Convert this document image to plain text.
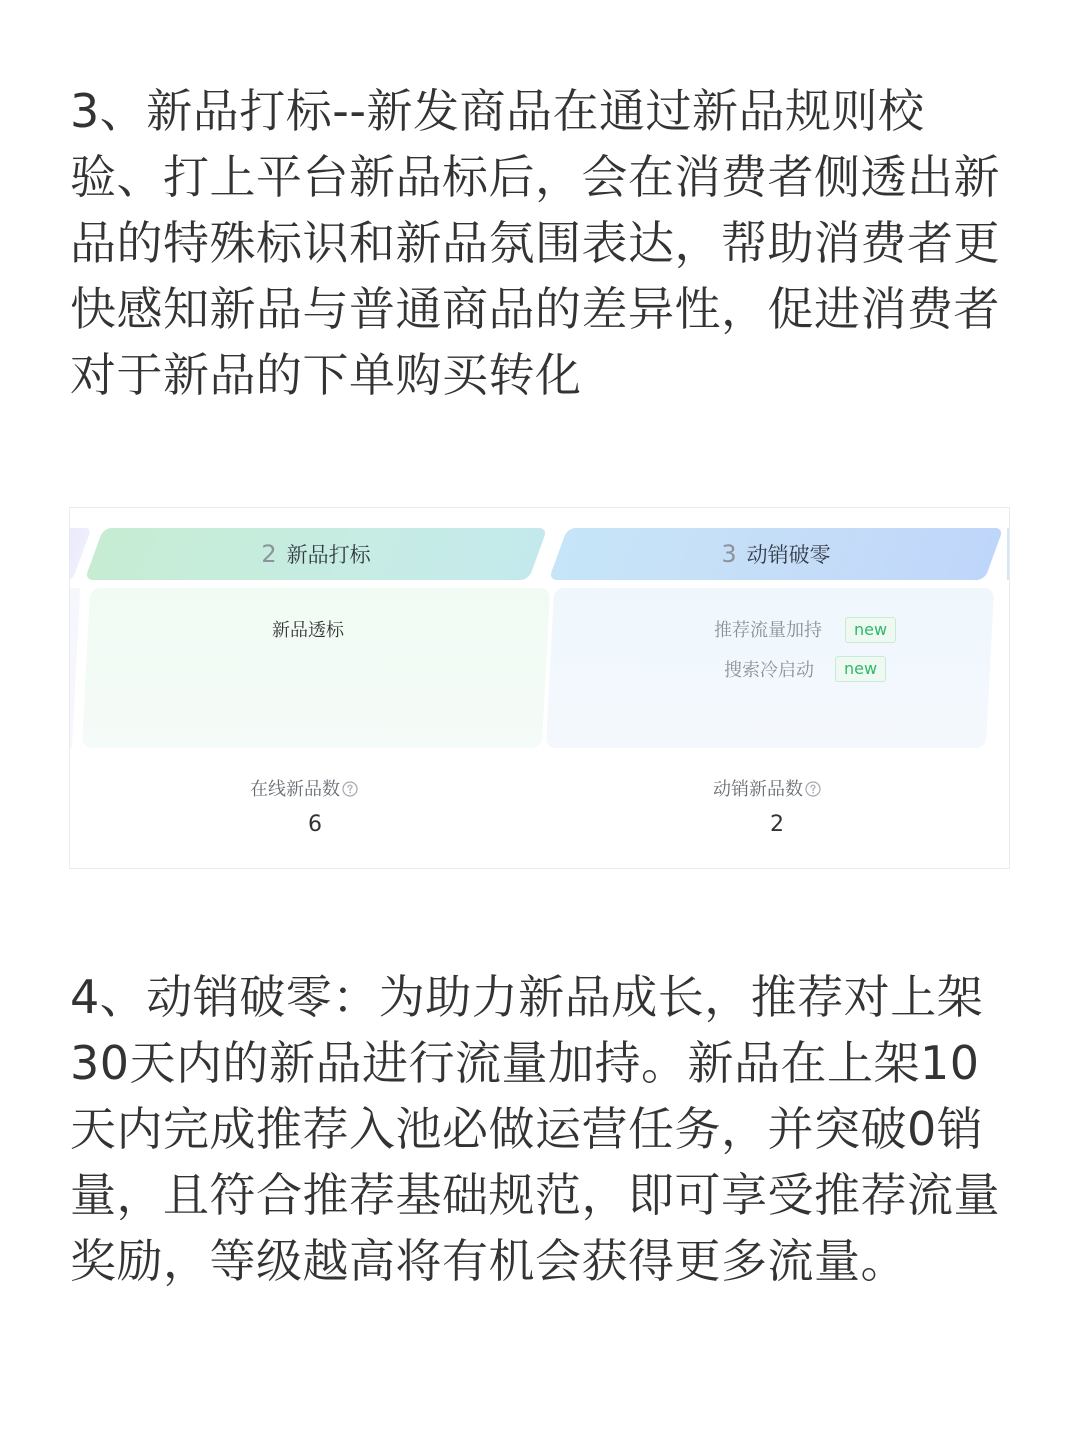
3、新品打标--新发商品在通过新品规则校验、打上平台新品标后，会在消费者侧透出新品的特殊标识和新品氛围表达，帮助消费者更快感知新品与普通商品的差异性，促进消费者对于新品的下单购买转化
2 新品打标	3 动销破零
新品透标	推荐流量加持	new
搜索冷启动	new
在线新品数
6
动销新品数
2
4、动销破零：为助力新品成长，推荐对上架30天内的新品进行流量加持。新品在上架10天内完成推荐入池必做运营任务，并突破0销量，且符合推荐基础规范，即可享受推荐流量奖励，等级越高将有机会获得更多流量。
